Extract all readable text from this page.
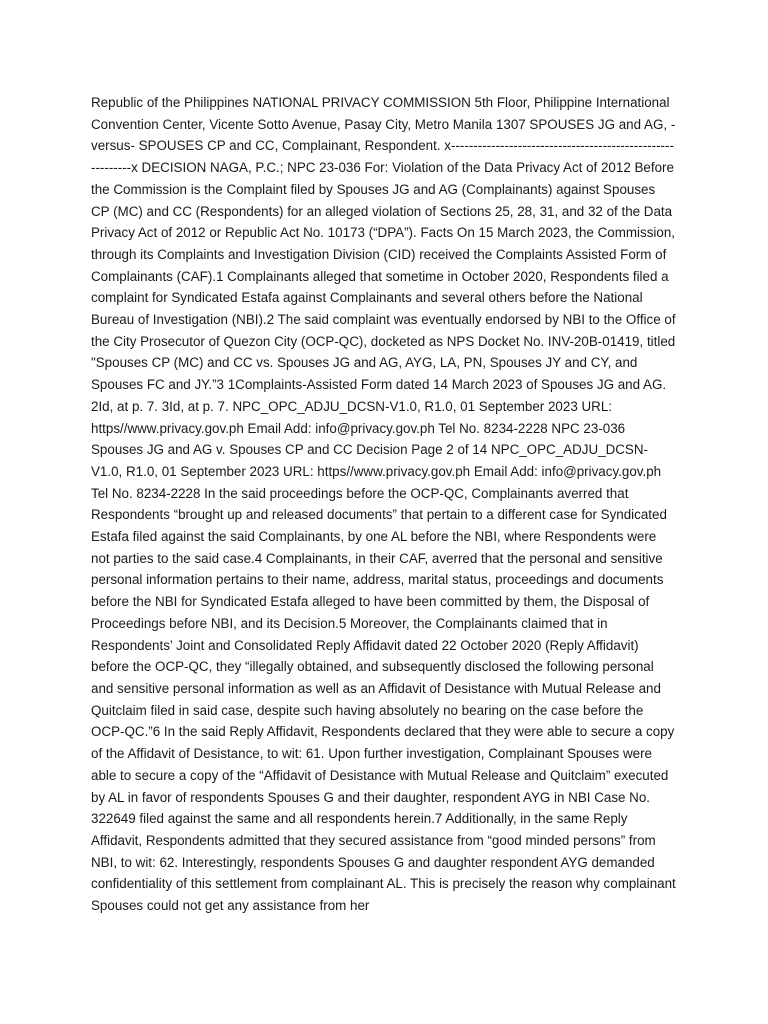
Republic of the Philippines NATIONAL PRIVACY COMMISSION 5th Floor, Philippine International Convention Center, Vicente Sotto Avenue, Pasay City, Metro Manila 1307 SPOUSES JG and AG, -versus- SPOUSES CP and CC, Complainant, Respondent. x-----------------------------------------------------------x DECISION NAGA, P.C.; NPC 23-036 For: Violation of the Data Privacy Act of 2012 Before the Commission is the Complaint filed by Spouses JG and AG (Complainants) against Spouses CP (MC) and CC (Respondents) for an alleged violation of Sections 25, 28, 31, and 32 of the Data Privacy Act of 2012 or Republic Act No. 10173 (“DPA”). Facts On 15 March 2023, the Commission, through its Complaints and Investigation Division (CID) received the Complaints Assisted Form of Complainants (CAF).1 Complainants alleged that sometime in October 2020, Respondents filed a complaint for Syndicated Estafa against Complainants and several others before the National Bureau of Investigation (NBI).2 The said complaint was eventually endorsed by NBI to the Office of the City Prosecutor of Quezon City (OCP-QC), docketed as NPS Docket No. INV-20B-01419, titled "Spouses CP (MC) and CC vs. Spouses JG and AG, AYG, LA, PN, Spouses JY and CY, and Spouses FC and JY.”3 1Complaints-Assisted Form dated 14 March 2023 of Spouses JG and AG. 2Id, at p. 7. 3Id, at p. 7. NPC_OPC_ADJU_DCSN-V1.0, R1.0, 01 September 2023 URL: https//www.privacy.gov.ph Email Add: info@privacy.gov.ph Tel No. 8234-2228 NPC 23-036 Spouses JG and AG v. Spouses CP and CC Decision Page 2 of 14 NPC_OPC_ADJU_DCSN-V1.0, R1.0, 01 September 2023 URL: https//www.privacy.gov.ph Email Add: info@privacy.gov.ph Tel No. 8234-2228 In the said proceedings before the OCP-QC, Complainants averred that Respondents “brought up and released documents” that pertain to a different case for Syndicated Estafa filed against the said Complainants, by one AL before the NBI, where Respondents were not parties to the said case.4 Complainants, in their CAF, averred that the personal and sensitive personal information pertains to their name, address, marital status, proceedings and documents before the NBI for Syndicated Estafa alleged to have been committed by them, the Disposal of Proceedings before NBI, and its Decision.5 Moreover, the Complainants claimed that in Respondents’ Joint and Consolidated Reply Affidavit dated 22 October 2020 (Reply Affidavit) before the OCP-QC, they “illegally obtained, and subsequently disclosed the following personal and sensitive personal information as well as an Affidavit of Desistance with Mutual Release and Quitclaim filed in said case, despite such having absolutely no bearing on the case before the OCP-QC.”6 In the said Reply Affidavit, Respondents declared that they were able to secure a copy of the Affidavit of Desistance, to wit: 61. Upon further investigation, Complainant Spouses were able to secure a copy of the “Affidavit of Desistance with Mutual Release and Quitclaim” executed by AL in favor of respondents Spouses G and their daughter, respondent AYG in NBI Case No. 322649 filed against the same and all respondents herein.7 Additionally, in the same Reply Affidavit, Respondents admitted that they secured assistance from “good minded persons” from NBI, to wit: 62. Interestingly, respondents Spouses G and daughter respondent AYG demanded confidentiality of this settlement from complainant AL. This is precisely the reason why complainant Spouses could not get any assistance from her
